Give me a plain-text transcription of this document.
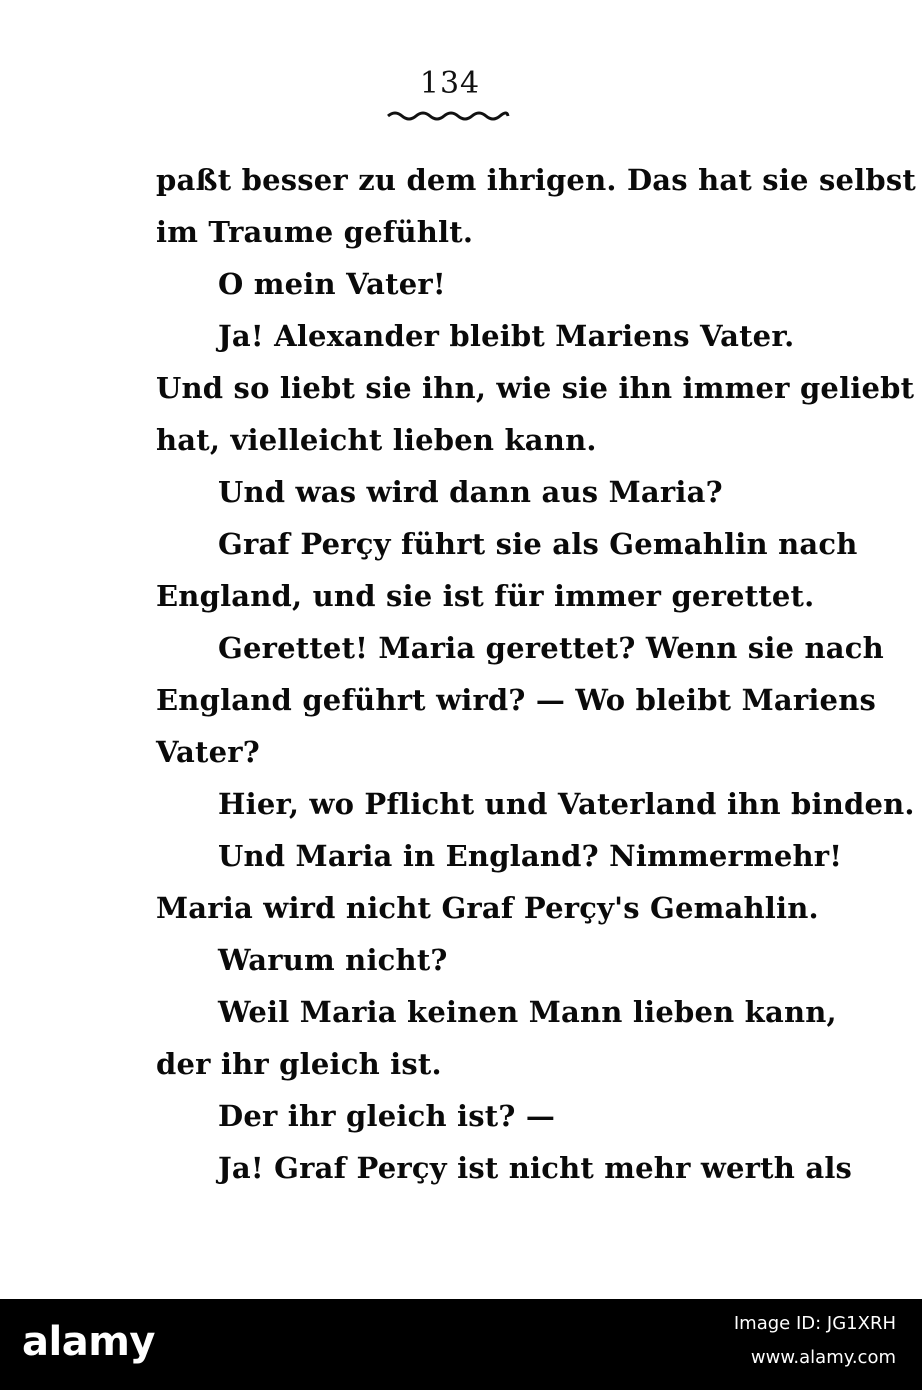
134
paßt besser zu dem ihrigen. Das hat sie selbst
im Traume gefühlt.
O mein Vater!
Ja! Alexander bleibt Mariens Vater.
Und so liebt sie ihn, wie sie ihn immer geliebt
hat, vielleicht lieben kann.
Und was wird dann aus Maria?
Graf Perçy führt sie als Gemahlin nach
England, und sie ist für immer gerettet.
Gerettet! Maria gerettet? Wenn sie nach
England geführt wird? — Wo bleibt Mariens
Vater?
Hier, wo Pflicht und Vaterland ihn binden.
Und Maria in England? Nimmermehr!
Maria wird nicht Graf Perçy's Gemahlin.
Warum nicht?
Weil Maria keinen Mann lieben kann,
der ihr gleich ist.
Der ihr gleich ist? —
Ja! Graf Perçy ist nicht mehr werth als
alamy	Image ID: JG1XRH
www.alamy.com
